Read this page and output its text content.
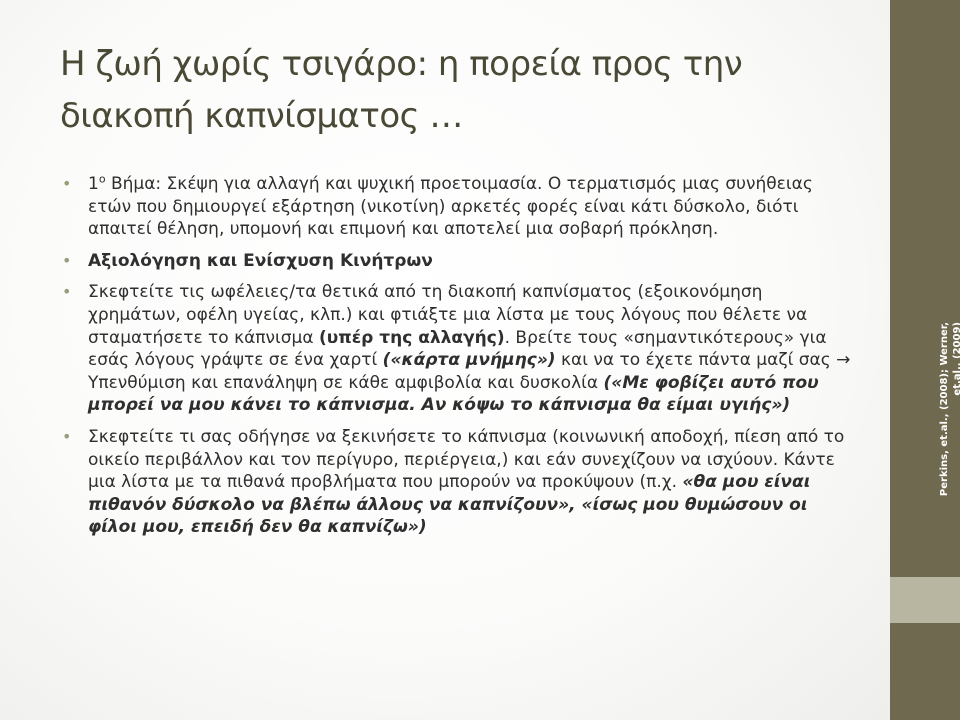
Η ζωή χωρίς τσιγάρο: η πορεία προς την διακοπή καπνίσματος …
• $1^o$ Βήμα: Σκέψη για αλλαγή και ψυχική προετοιμασία. Ο τερματισμός μιας συνήθειας ετών που δημιουργεί εξάρτηση (νικοτίνη) αρκετές φορές είναι κάτι δύσκολο, διότι απαιτεί θέληση, υπομονή και επιμονή και αποτελεί μια σοβαρή πρόκληση.
• Αξιολόγηση και Ενίσχυση Κινήτρων
• Σκεφτείτε τις ωφέλειες/τα θετικά από τη διακοπή καπνίσματος (εξοικονόμηση χρημάτων, οφέλη υγείας, κλπ.) και φτιάξτε μια λίστα με τους λόγους που θέλετε να σταματήσετε το κάπνισμα (υπέρ της αλλαγής). Βρείτε τους «σημαντικότερους» για εσάς λόγους γράψτε σε ένα χαρτί («κάρτα μνήμης») και να το έχετε πάντα μαζί σας → Υπενθύμιση και επανάληψη σε κάθε αμφιβολία και δυσκολία («Με φοβίζει αυτό που μπορεί να μου κάνει το κάπνισμα. Αν κόψω το κάπνισμα θα είμαι υγιής»)
• Σκεφτείτε τι σας οδήγησε να ξεκινήσετε το κάπνισμα (κοινωνική αποδοχή, πίεση από το οικείο περιβάλλον και τον περίγυρο, περιέργεια,) και εάν συνεχίζουν να ισχύουν. Κάντε μια λίστα με τα πιθανά προβλήματα που μπορούν να προκύψουν (π.χ. «θα μου είναι πιθανόν δύσκολο να βλέπω άλλους να καπνίζουν», «ίσως μου θυμώσουν οι φίλοι μου, επειδή δεν θα καπνίζω»)
Perkins, et.al., (2008); Werner, et.al., (2009)
